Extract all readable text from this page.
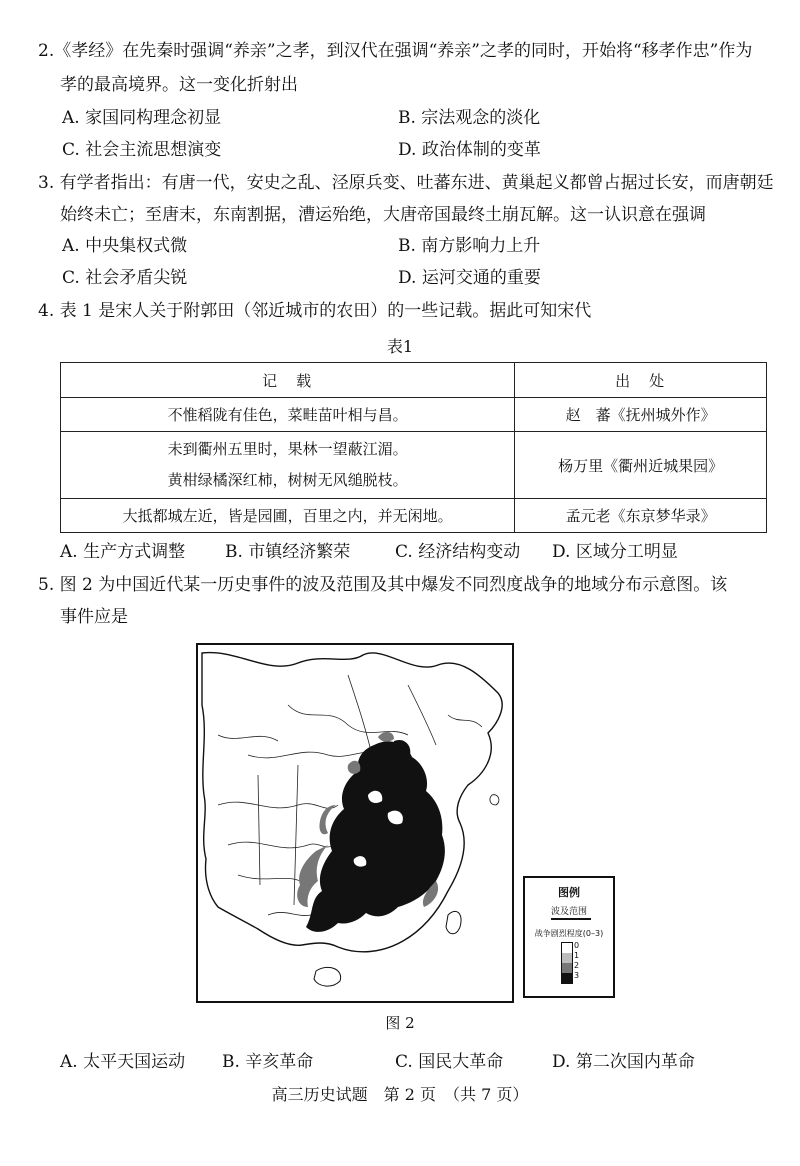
2.《孝经》在先秦时强调“养亲”之孝，到汉代在强调“养亲”之孝的同时，开始将“移孝作忠”作为
孝的最高境界。这一变化折射出
A. 家国同构理念初显	B. 宗法观念的淡化
C. 社会主流思想演变	D. 政治体制的变革
3. 有学者指出：有唐一代，安史之乱、泾原兵变、吐蕃东进、黄巢起义都曾占据过长安，而唐朝廷
始终未亡；至唐末，东南割据，漕运殆绝，大唐帝国最终土崩瓦解。这一认识意在强调
A. 中央集权式微	B. 南方影响力上升
C. 社会矛盾尖锐	D. 运河交通的重要
4. 表 1 是宋人关于附郭田（邻近城市的农田）的一些记载。据此可知宋代
表1
记　载	出　处
不惟稻陇有佳色，菜畦苗叶相与昌。	赵　蕃《抚州城外作》

未到衢州五里时，果林一望蔽江湄。
黄柑绿橘深红柿，树树无风缒脱枝。	杨万里《衢州近城果园》
大抵都城左近，皆是园圃，百里之内，并无闲地。	孟元老《东京梦华录》
A. 生产方式调整 B. 市镇经济繁荣	C. 经济结构变动 D. 区域分工明显
5. 图 2 为中国近代某一历史事件的波及范围及其中爆发不同烈度战争的地域分布示意图。该
事件应是
图例
波及范围
战争剧烈程度(0–3)
0
1
2
3
图 2
A. 太平天国运动 B. 辛亥革命	C. 国民大革命	D. 第二次国内革命
高三历史试题　第 2 页　（共 7 页）
